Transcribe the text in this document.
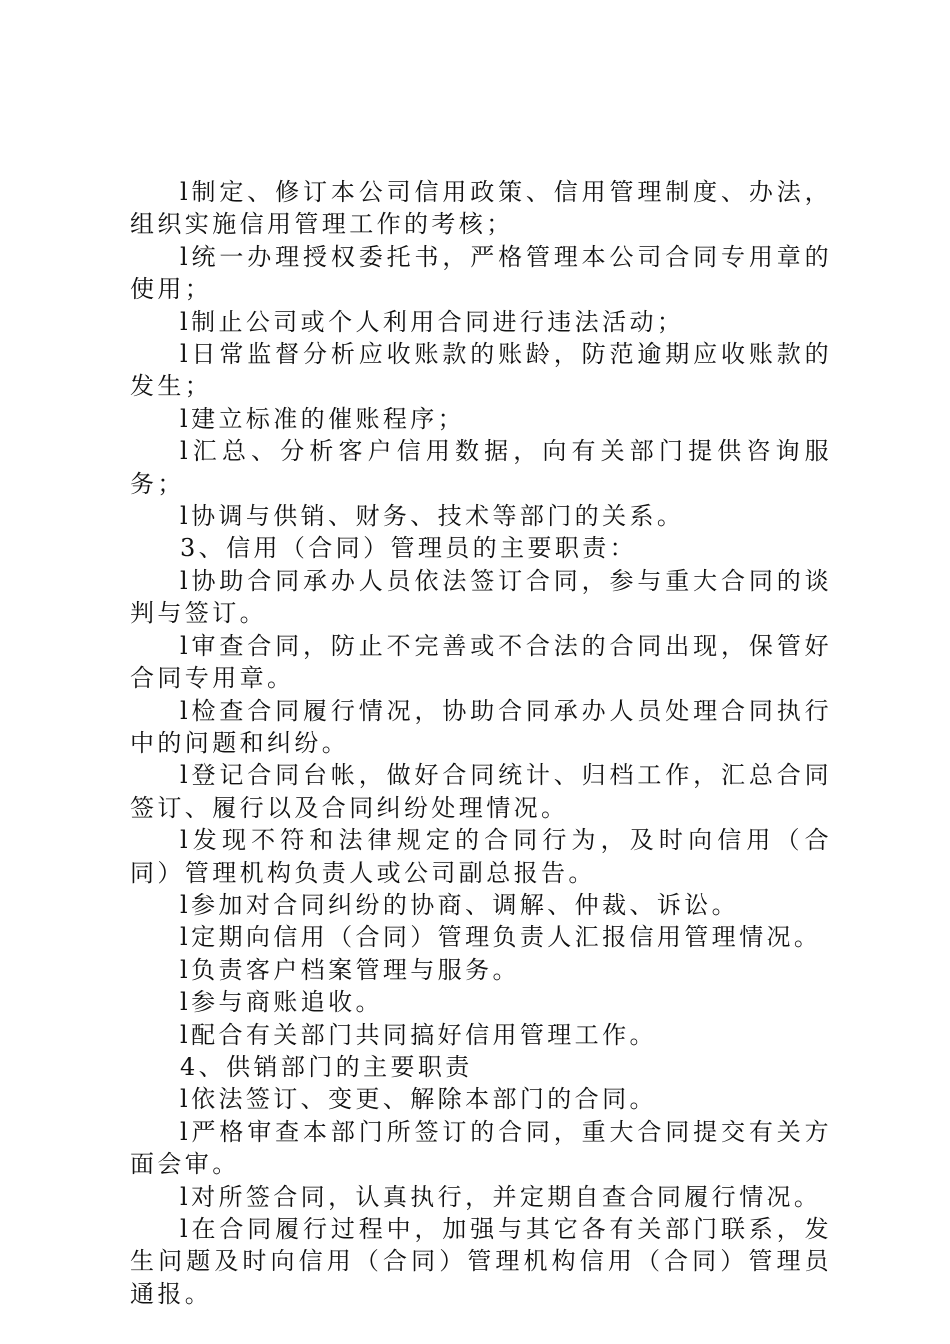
l制定、修订本公司信用政策、信用管理制度、办法，组织实施信用管理工作的考核；

l统一办理授权委托书，严格管理本公司合同专用章的使用；

l制止公司或个人利用合同进行违法活动；

l日常监督分析应收账款的账龄，防范逾期应收账款的发生；

l建立标准的催账程序；

l汇总、分析客户信用数据，向有关部门提供咨询服务；

l协调与供销、财务、技术等部门的关系。

3、信用（合同）管理员的主要职责：

l协助合同承办人员依法签订合同，参与重大合同的谈判与签订。

l审查合同，防止不完善或不合法的合同出现，保管好合同专用章。

l检查合同履行情况，协助合同承办人员处理合同执行中的问题和纠纷。

l登记合同台帐，做好合同统计、归档工作，汇总合同签订、履行以及合同纠纷处理情况。

l发现不符和法律规定的合同行为，及时向信用（合同）管理机构负责人或公司副总报告。

l参加对合同纠纷的协商、调解、仲裁、诉讼。

l定期向信用（合同）管理负责人汇报信用管理情况。

l负责客户档案管理与服务。

l参与商账追收。

l配合有关部门共同搞好信用管理工作。

4、供销部门的主要职责

l依法签订、变更、解除本部门的合同。

l严格审查本部门所签订的合同，重大合同提交有关方面会审。

l对所签合同，认真执行，并定期自查合同履行情况。

l在合同履行过程中，加强与其它各有关部门联系，发生问题及时向信用（合同）管理机构信用（合同）管理员通报。
